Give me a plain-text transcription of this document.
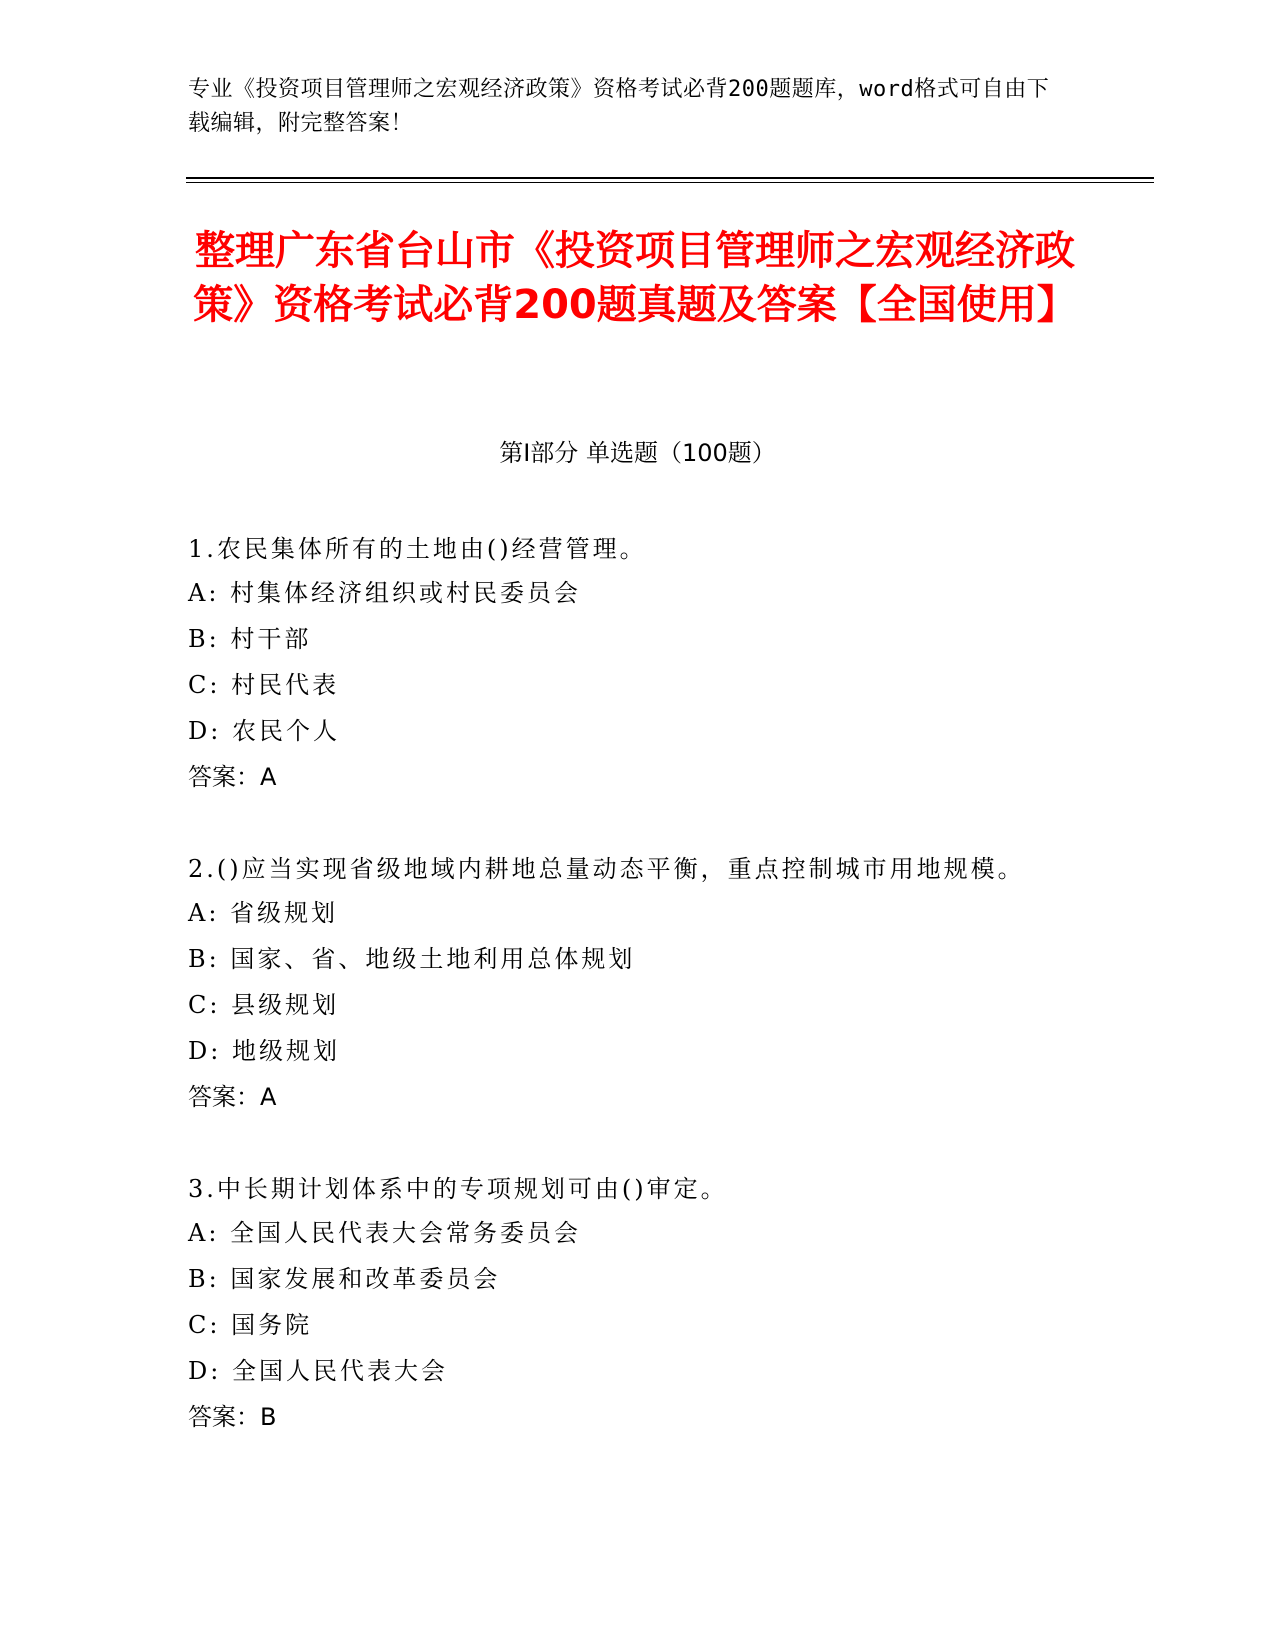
专业《投资项目管理师之宏观经济政策》资格考试必背200题题库，word格式可自由下载编辑，附完整答案！
整理广东省台山市《投资项目管理师之宏观经济政策》资格考试必背200题真题及答案【全国使用】
第Ⅰ部分 单选题（100题）
1.农民集体所有的土地由()经营管理。
A: 村集体经济组织或村民委员会
B: 村干部
C: 村民代表
D: 农民个人
答案：A
2.()应当实现省级地域内耕地总量动态平衡，重点控制城市用地规模。
A: 省级规划
B: 国家、省、地级土地利用总体规划
C: 县级规划
D: 地级规划
答案：A
3.中长期计划体系中的专项规划可由()审定。
A: 全国人民代表大会常务委员会
B: 国家发展和改革委员会
C: 国务院
D: 全国人民代表大会
答案：B
